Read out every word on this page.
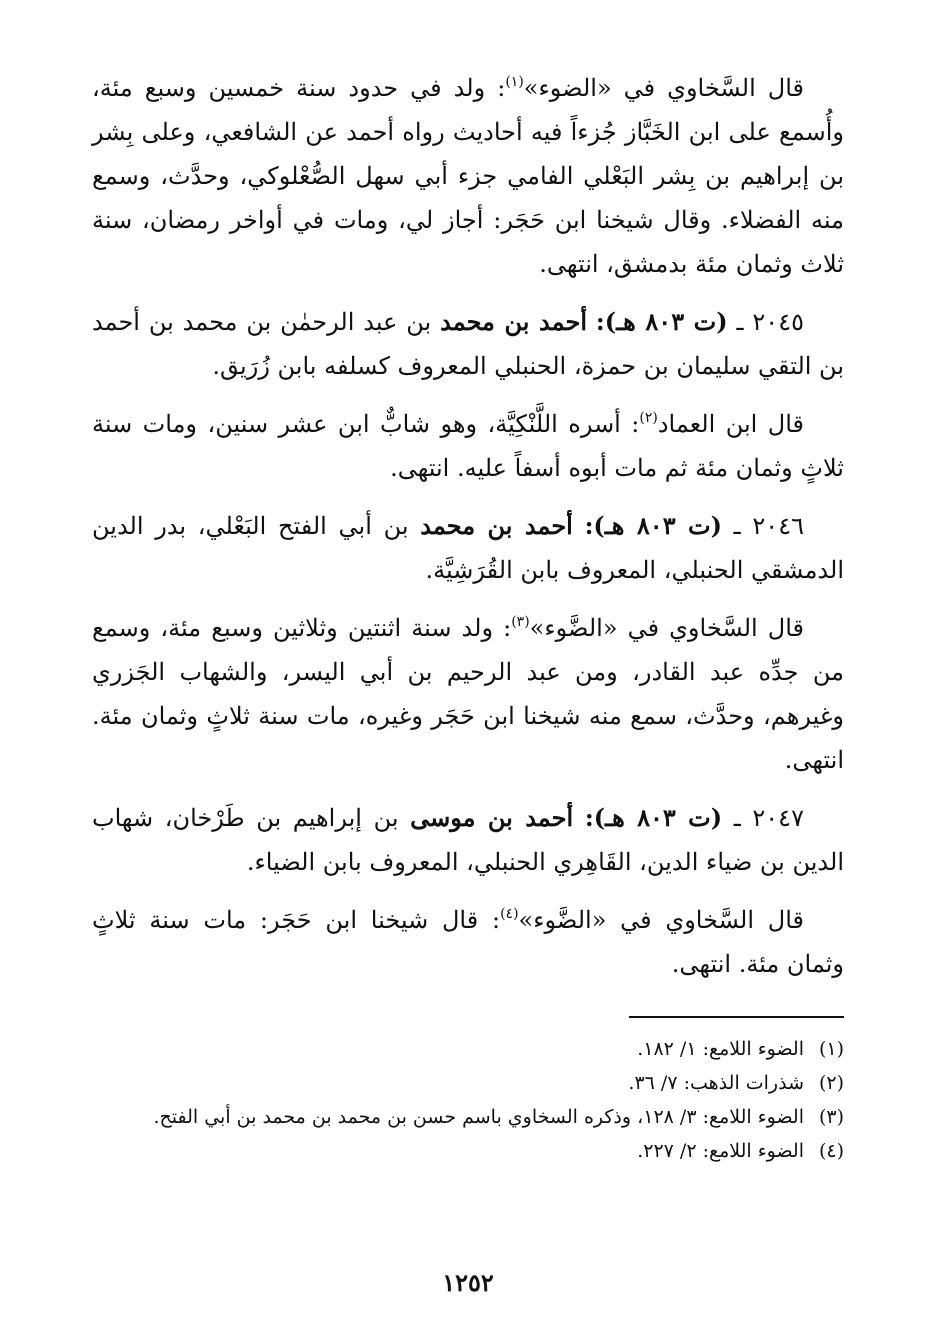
قال السَّخاوي في «الضوء»$^{(١)}$: ولد في حدود سنة خمسين وسبع مئة، وأُسمع على ابن الخَبَّاز جُزءاً فيه أحاديث رواه أحمد عن الشافعي، وعلى بِشر بن إبراهيم بن بِشر البَعْلي الفامي جزء أبي سهل الصُّعْلوكي، وحدَّث، وسمع منه الفضلاء. وقال شيخنا ابن حَجَر: أجاز لي، ومات في أواخر رمضان، سنة ثلاث وثمان مئة بدمشق، انتهى.

٢٠٤٥ ـ (ت ٨٠٣ هـ): أحمد بن محمد بن عبد الرحمٰن بن محمد بن أحمد بن التقي سليمان بن حمزة، الحنبلي المعروف كسلفه بابن زُرَيق.

قال ابن العماد$^{(٢)}$: أسره اللَّنْكِيَّة، وهو شابٌّ ابن عشر سنين، ومات سنة ثلاثٍ وثمان مئة ثم مات أبوه أسفاً عليه. انتهى.

٢٠٤٦ ـ (ت ٨٠٣ هـ): أحمد بن محمد بن أبي الفتح البَعْلي، بدر الدين الدمشقي الحنبلي، المعروف بابن القُرَشِيَّة.

قال السَّخاوي في «الضَّوء»$^{(٣)}$: ولد سنة اثنتين وثلاثين وسبع مئة، وسمع من جدِّه عبد القادر، ومن عبد الرحيم بن أبي اليسر، والشهاب الجَزري وغيرهم، وحدَّث، سمع منه شيخنا ابن حَجَر وغيره، مات سنة ثلاثٍ وثمان مئة. انتهى.

٢٠٤٧ ـ (ت ٨٠٣ هـ): أحمد بن موسى بن إبراهيم بن طَرْخان، شهاب الدين بن ضياء الدين، القَاهِري الحنبلي، المعروف بابن الضياء.

قال السَّخاوي في «الضَّوء»$^{(٤)}$: قال شيخنا ابن حَجَر: مات سنة ثلاثٍ وثمان مئة. انتهى.

(١)الضوء اللامع: ١/ ١٨٢.

(٢)شذرات الذهب: ٧/ ٣٦.

(٣)الضوء اللامع: ٣/ ١٢٨، وذكره السخاوي باسم حسن بن محمد بن محمد بن أبي الفتح.

(٤)الضوء اللامع: ٢/ ٢٢٧.

١٢٥٢
